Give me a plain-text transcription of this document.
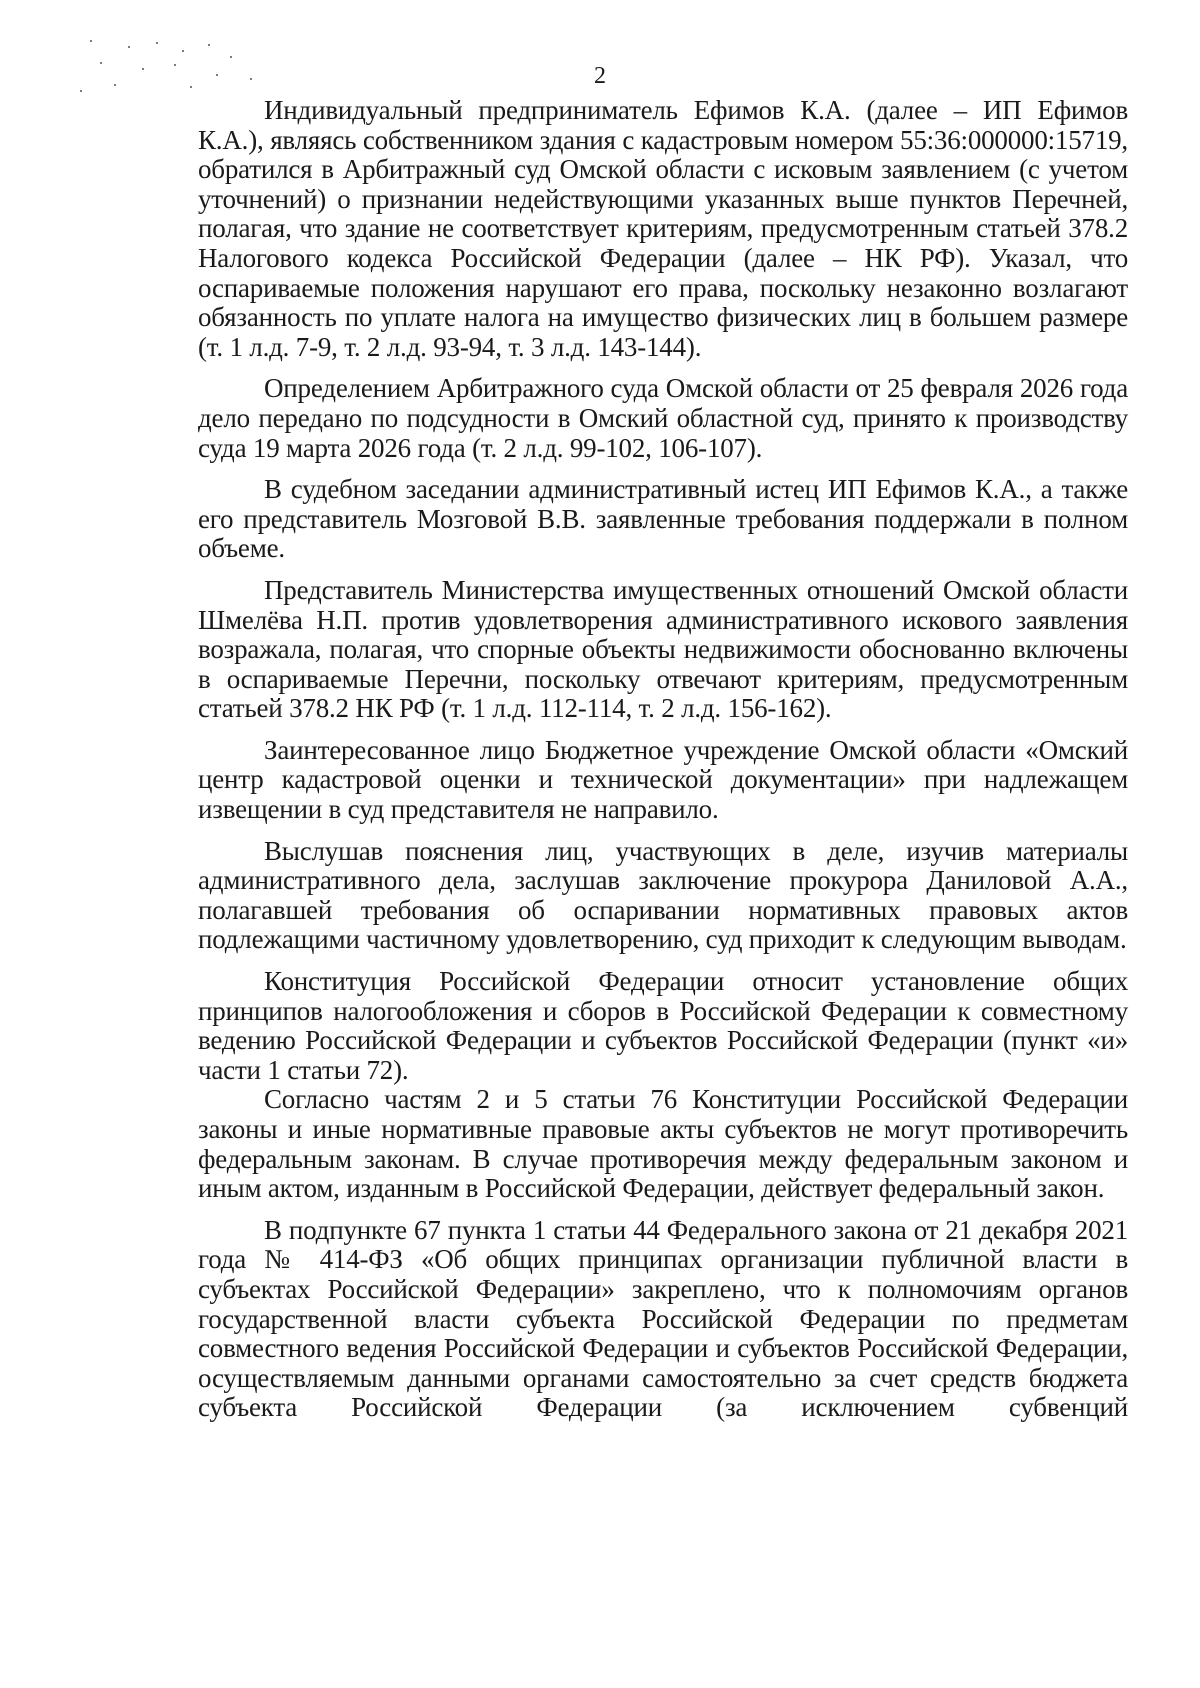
2

Индивидуальный предприниматель Ефимов К.А. (далее – ИП Ефимов К.А.), являясь собственником здания с кадастровым номером 55:36:000000:15719, обратился в Арбитражный суд Омской области с исковым заявлением (с учетом уточнений) о признании недействующими указанных выше пунктов Перечней, полагая, что здание не соответствует критериям, предусмотренным статьей 378.2 Налогового кодекса Российской Федерации (далее – НК РФ). Указал, что оспариваемые положения нарушают его права, поскольку незаконно возлагают обязанность по уплате налога на имущество физических лиц в большем размере (т. 1 л.д. 7-9, т. 2 л.д. 93-94, т. 3 л.д. 143-144).

Определением Арбитражного суда Омской области от 25 февраля 2026 года дело передано по подсудности в Омский областной суд, принято к производству суда 19 марта 2026 года (т. 2 л.д. 99-102, 106-107).

В судебном заседании административный истец ИП Ефимов К.А., а также его представитель Мозговой В.В. заявленные требования поддержали в полном объеме.

Представитель Министерства имущественных отношений Омской области Шмелёва Н.П. против удовлетворения административного искового заявления возражала, полагая, что спорные объекты недвижимости обоснованно включены в оспариваемые Перечни, поскольку отвечают критериям, предусмотренным статьей 378.2 НК РФ (т. 1 л.д. 112-114, т. 2 л.д. 156-162).

Заинтересованное лицо Бюджетное учреждение Омской области «Омский центр кадастровой оценки и технической документации» при надлежащем извещении в суд представителя не направило.

Выслушав пояснения лиц, участвующих в деле, изучив материалы административного дела, заслушав заключение прокурора Даниловой А.А., полагавшей требования об оспаривании нормативных правовых актов подлежащими частичному удовлетворению, суд приходит к следующим выводам.

Конституция Российской Федерации относит установление общих принципов налогообложения и сборов в Российской Федерации к совместному ведению Российской Федерации и субъектов Российской Федерации (пункт «и» части 1 статьи 72).

Согласно частям 2 и 5 статьи 76 Конституции Российской Федерации законы и иные нормативные правовые акты субъектов не могут противоречить федеральным законам. В случае противоречия между федеральным законом и иным актом, изданным в Российской Федерации, действует федеральный закон.

В подпункте 67 пункта 1 статьи 44 Федерального закона от 21 декабря 2021 года № 414-ФЗ «Об общих принципах организации публичной власти в субъектах Российской Федерации» закреплено, что к полномочиям органов государственной власти субъекта Российской Федерации по предметам совместного ведения Российской Федерации и субъектов Российской Федерации, осуществляемым данными органами самостоятельно за счет средств бюджета субъекта Российской Федерации (за исключением субвенций
